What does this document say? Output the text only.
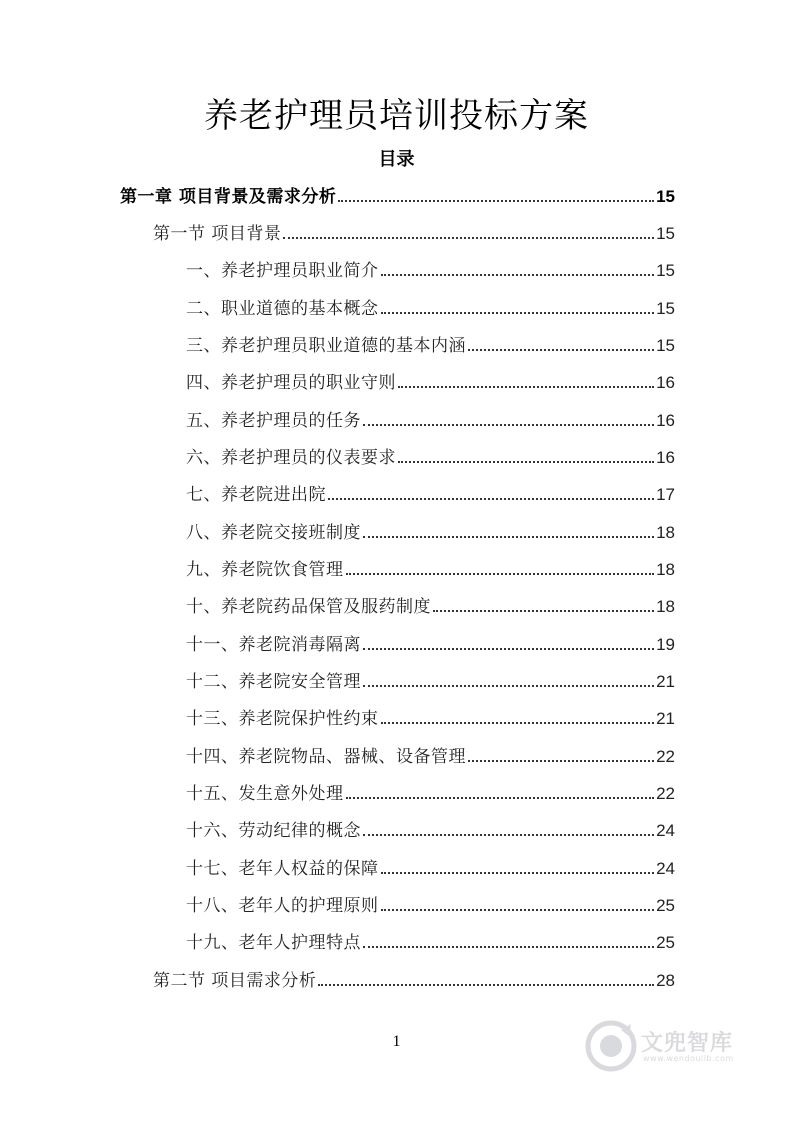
养老护理员培训投标方案
目录
第一章 项目背景及需求分析	15
第一节 项目背景	15
一、养老护理员职业简介	15
二、职业道德的基本概念	15
三、养老护理员职业道德的基本内涵	15
四、养老护理员的职业守则	16
五、养老护理员的任务	16
六、养老护理员的仪表要求	16
七、养老院进出院	17
八、养老院交接班制度	18
九、养老院饮食管理	18
十、养老院药品保管及服药制度	18
十一、养老院消毒隔离	19
十二、养老院安全管理	21
十三、养老院保护性约束	21
十四、养老院物品、器械、设备管理	22
十五、发生意外处理	22
十六、劳动纪律的概念	24
十七、老年人权益的保障	24
十八、老年人的护理原则	25
十九、老年人护理特点	25
第二节 项目需求分析	28
1	文兜智库
www.wendoulib.com
